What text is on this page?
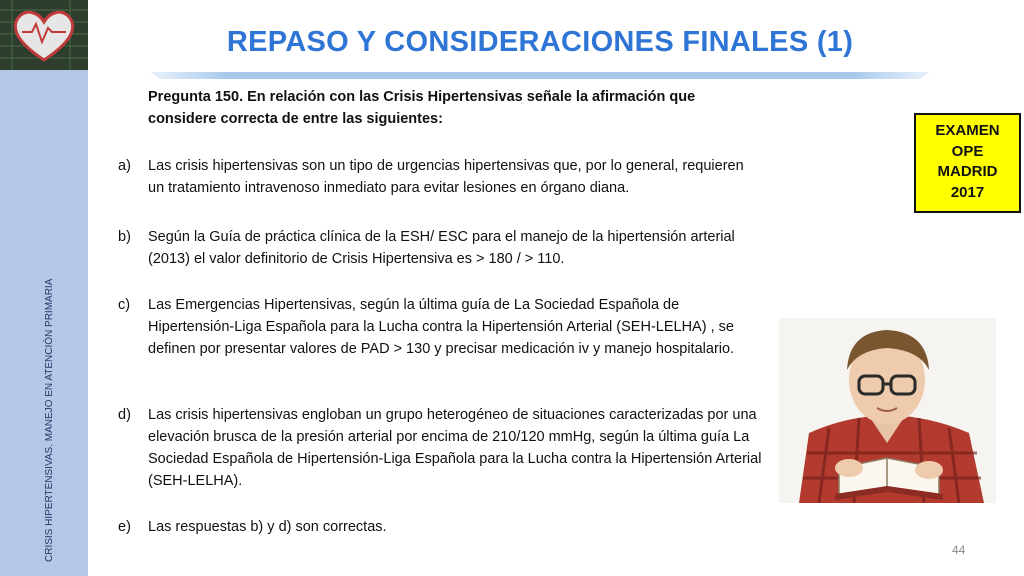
CRISIS HIPERTENSIVAS. MANEJO EN ATENCIÓN PRIMARIA
REPASO Y CONSIDERACIONES FINALES (1)
Pregunta 150. En relación con las Crisis Hipertensivas señale la afirmación que considere correcta de entre las siguientes:
a) Las crisis hipertensivas son un tipo de urgencias hipertensivas que, por lo general, requieren un tratamiento intravenoso inmediato para evitar lesiones en órgano diana.
b) Según la Guía de práctica clínica de la ESH/ ESC para el manejo de la hipertensión arterial (2013) el valor definitorio de Crisis Hipertensiva es > 180 / > 110.
c) Las Emergencias Hipertensivas, según la última guía de La Sociedad Española de Hipertensión-Liga Española para la Lucha contra la Hipertensión Arterial (SEH-LELHA) , se definen por presentar valores de PAD > 130 y precisar medicación iv y manejo hospitalario.
d) Las crisis hipertensivas engloban un grupo heterogéneo de situaciones caracterizadas por una elevación brusca de la presión arterial por encima de 210/120 mmHg, según la última guía La Sociedad Española de Hipertensión-Liga Española para la Lucha contra la Hipertensión Arterial (SEH-LELHA).
e) Las respuestas b) y d) son correctas.
EXAMEN
OPE
MADRID
2017
44
